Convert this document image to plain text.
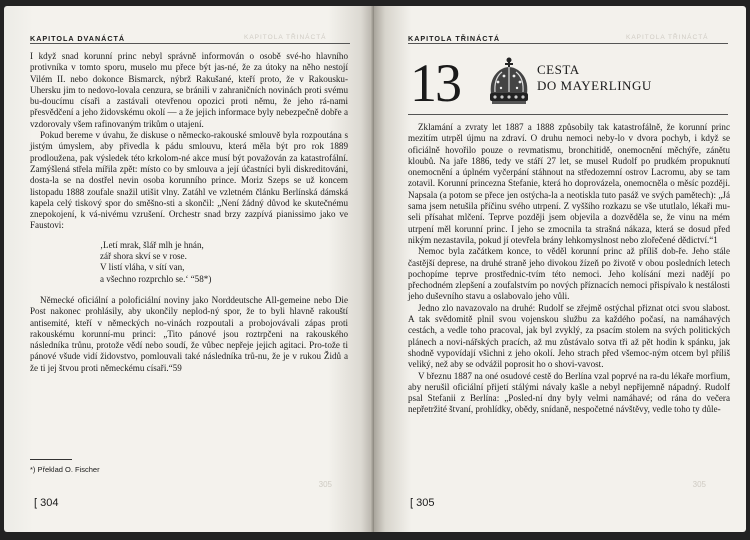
KAPITOLA DVANÁCTÁ	KAPITOLA TŘINÁCTÁ

I když snad korunní princ nebyl správně informován o osobě své-ho hlavního protivníka v tomto sporu, muselo mu přece být jas-né, že za útoky na něho nestojí Vilém II. nebo dokonce Bismarck, nýbrž Rakušané, kteří proto, že v Rakousku-Uhersku jim to nedovo-lovala cenzura, se bránili v zahraničních novinách proti svému bu-doucímu císaři a zastávali otevřenou opozici proti němu, že jeho rá-nami přesvědčení a jeho židovskému okolí — a že jejich informace byly nebezpečně dobře a vzdorovaly všem rafinovaným trikům o utajení.

Pokud bereme v úvahu, že diskuse o německo-rakouské smlouvě byla rozpoutána s jistým úmyslem, aby přivedla k pádu smlouvu, která měla být pro rok 1889 prodloužena, pak výsledek této krkolom-né akce musí být považován za katastrofální. Zamýšlená střela mířila zpět: místo co by smlouva a její účastníci byli diskreditováni, dosta-la se na dostřel nevin osoba korunního prince. Moriz Szeps se už koncem listopadu 1888 zoufale snažil utišit vlny. Zatáhl ve vzletném článku Berlínská dámská kapela celý tiskový spor do směšno-sti a skončil: „Není žádný důvod ke skutečnému znepokojení, k vá-nivému vzrušení. Orchestr snad brzy zazpívá pianissimo jako ve Faustovi:

‚Letí mrak, šlář mlh je hnán,
zář shora skví se v rose.
V listí vláha, v sítí van,
a všechno rozprchlo se.‘ “58*)

Německé oficiální a poloficiální noviny jako Norddeutsche All-gemeine nebo Die Post nakonec prohlásily, aby ukončily neplod-ný spor, že to byli hlavně rakouští antisemité, kteří v německých no-vinách rozpoutali a probojovávali zápas proti rakouskému korunní-mu princi: „Tito pánové jsou roztrpčeni na rakouského následníka trůnu, protože vědí nebo soudí, že vůbec nepřeje jejich agitaci. Pro-tože ti pánové všude vidí židovstvo, pomlouvali také následníka trů-nu, že je v rukou Židů a že ti jej štvou proti německému císaři.“59

*) Překlad O. Fischer
305
[ 304
KAPITOLA TŘINÁCTÁ	KAPITOLA TŘINÁCTÁ
13	CESTA
DO MAYERLINGU

Zklamání a zvraty let 1887 a 1888 způsobily tak katastrofálně, že korunní princ mezitím utrpěl újmu na zdraví. O druhu nemoci neby-lo v dvora pochyb, i když se oficiálně hovořilo pouze o revmatismu, bronchitidě, onemocnění měchýře, zánětu kloubů. Na jaře 1886, tedy ve stáří 27 let, se musel Rudolf po prudkém propuknutí onemocnění a úplném vyčerpání stáhnout na středozemní ostrov Lacromu, aby se tam zotavil. Korunní princezna Stefanie, která ho doprovázela, onemocněla o měsíc později. Napsala (a potom se přece jen ostýcha-la a neotiskla tuto pasáž ve svých pamětech): „Já sama jsem netušila příčinu svého utrpení. Z vyššího rozkazu se vše ututlalo, lékaři mu-seli přísahat mlčení. Teprve později jsem objevila a dozvěděla se, že vinu na mém utrpení měl korunní princ. I jeho se zmocnila ta strašná nákaza, která se dosud před nikým nezastavila, pokud jí otevřela brány lehkomyslnost nebo zlořečené dědictví.“1

Nemoc byla začátkem konce, to věděl korunní princ až příliš dob-ře. Jeho stále častější deprese, na druhé straně jeho divokou žízeň po životě v obou posledních letech pochopíme teprve prostřednic-tvím této nemoci. Jeho kolísání mezi nadějí po přechodném zlepšení a zoufalstvím po nových příznacích nemoci přispívalo k nestálosti jeho duševního stavu a oslabovalo jeho vůli.

Jedno zlo navazovalo na druhé: Rudolf se zřejmě ostýchal přiznat otci svou slabost. A tak svědomitě plnil svou vojenskou službu za každého počasí, na namáhavých cestách, a vedle toho pracoval, jak byl zvyklý, za psacím stolem na svých politických plánech a novi-nářských pracích, až mu zůstávalo sotva tři až pět hodin k spánku, jak shodně vypovídají všichni z jeho okolí. Jeho strach před všemoc-ným otcem byl příliš veliký, než aby se odvážil poprosit ho o shovi-vavost.

V březnu 1887 na oné osudové cestě do Berlína vzal poprvé na ra-du lékaře morfium, aby nerušil oficiální přijetí stálými návaly kašle a nebyl nepřijemně nápadný. Rudolf psal Stefanii z Berlína: „Posled-ní dny byly velmi namáhavé; od rána do večera nepřetržité štvaní, prohlídky, obědy, snídaně, nespočetné návštěvy, vedle toho ty důle-

305
[ 305
